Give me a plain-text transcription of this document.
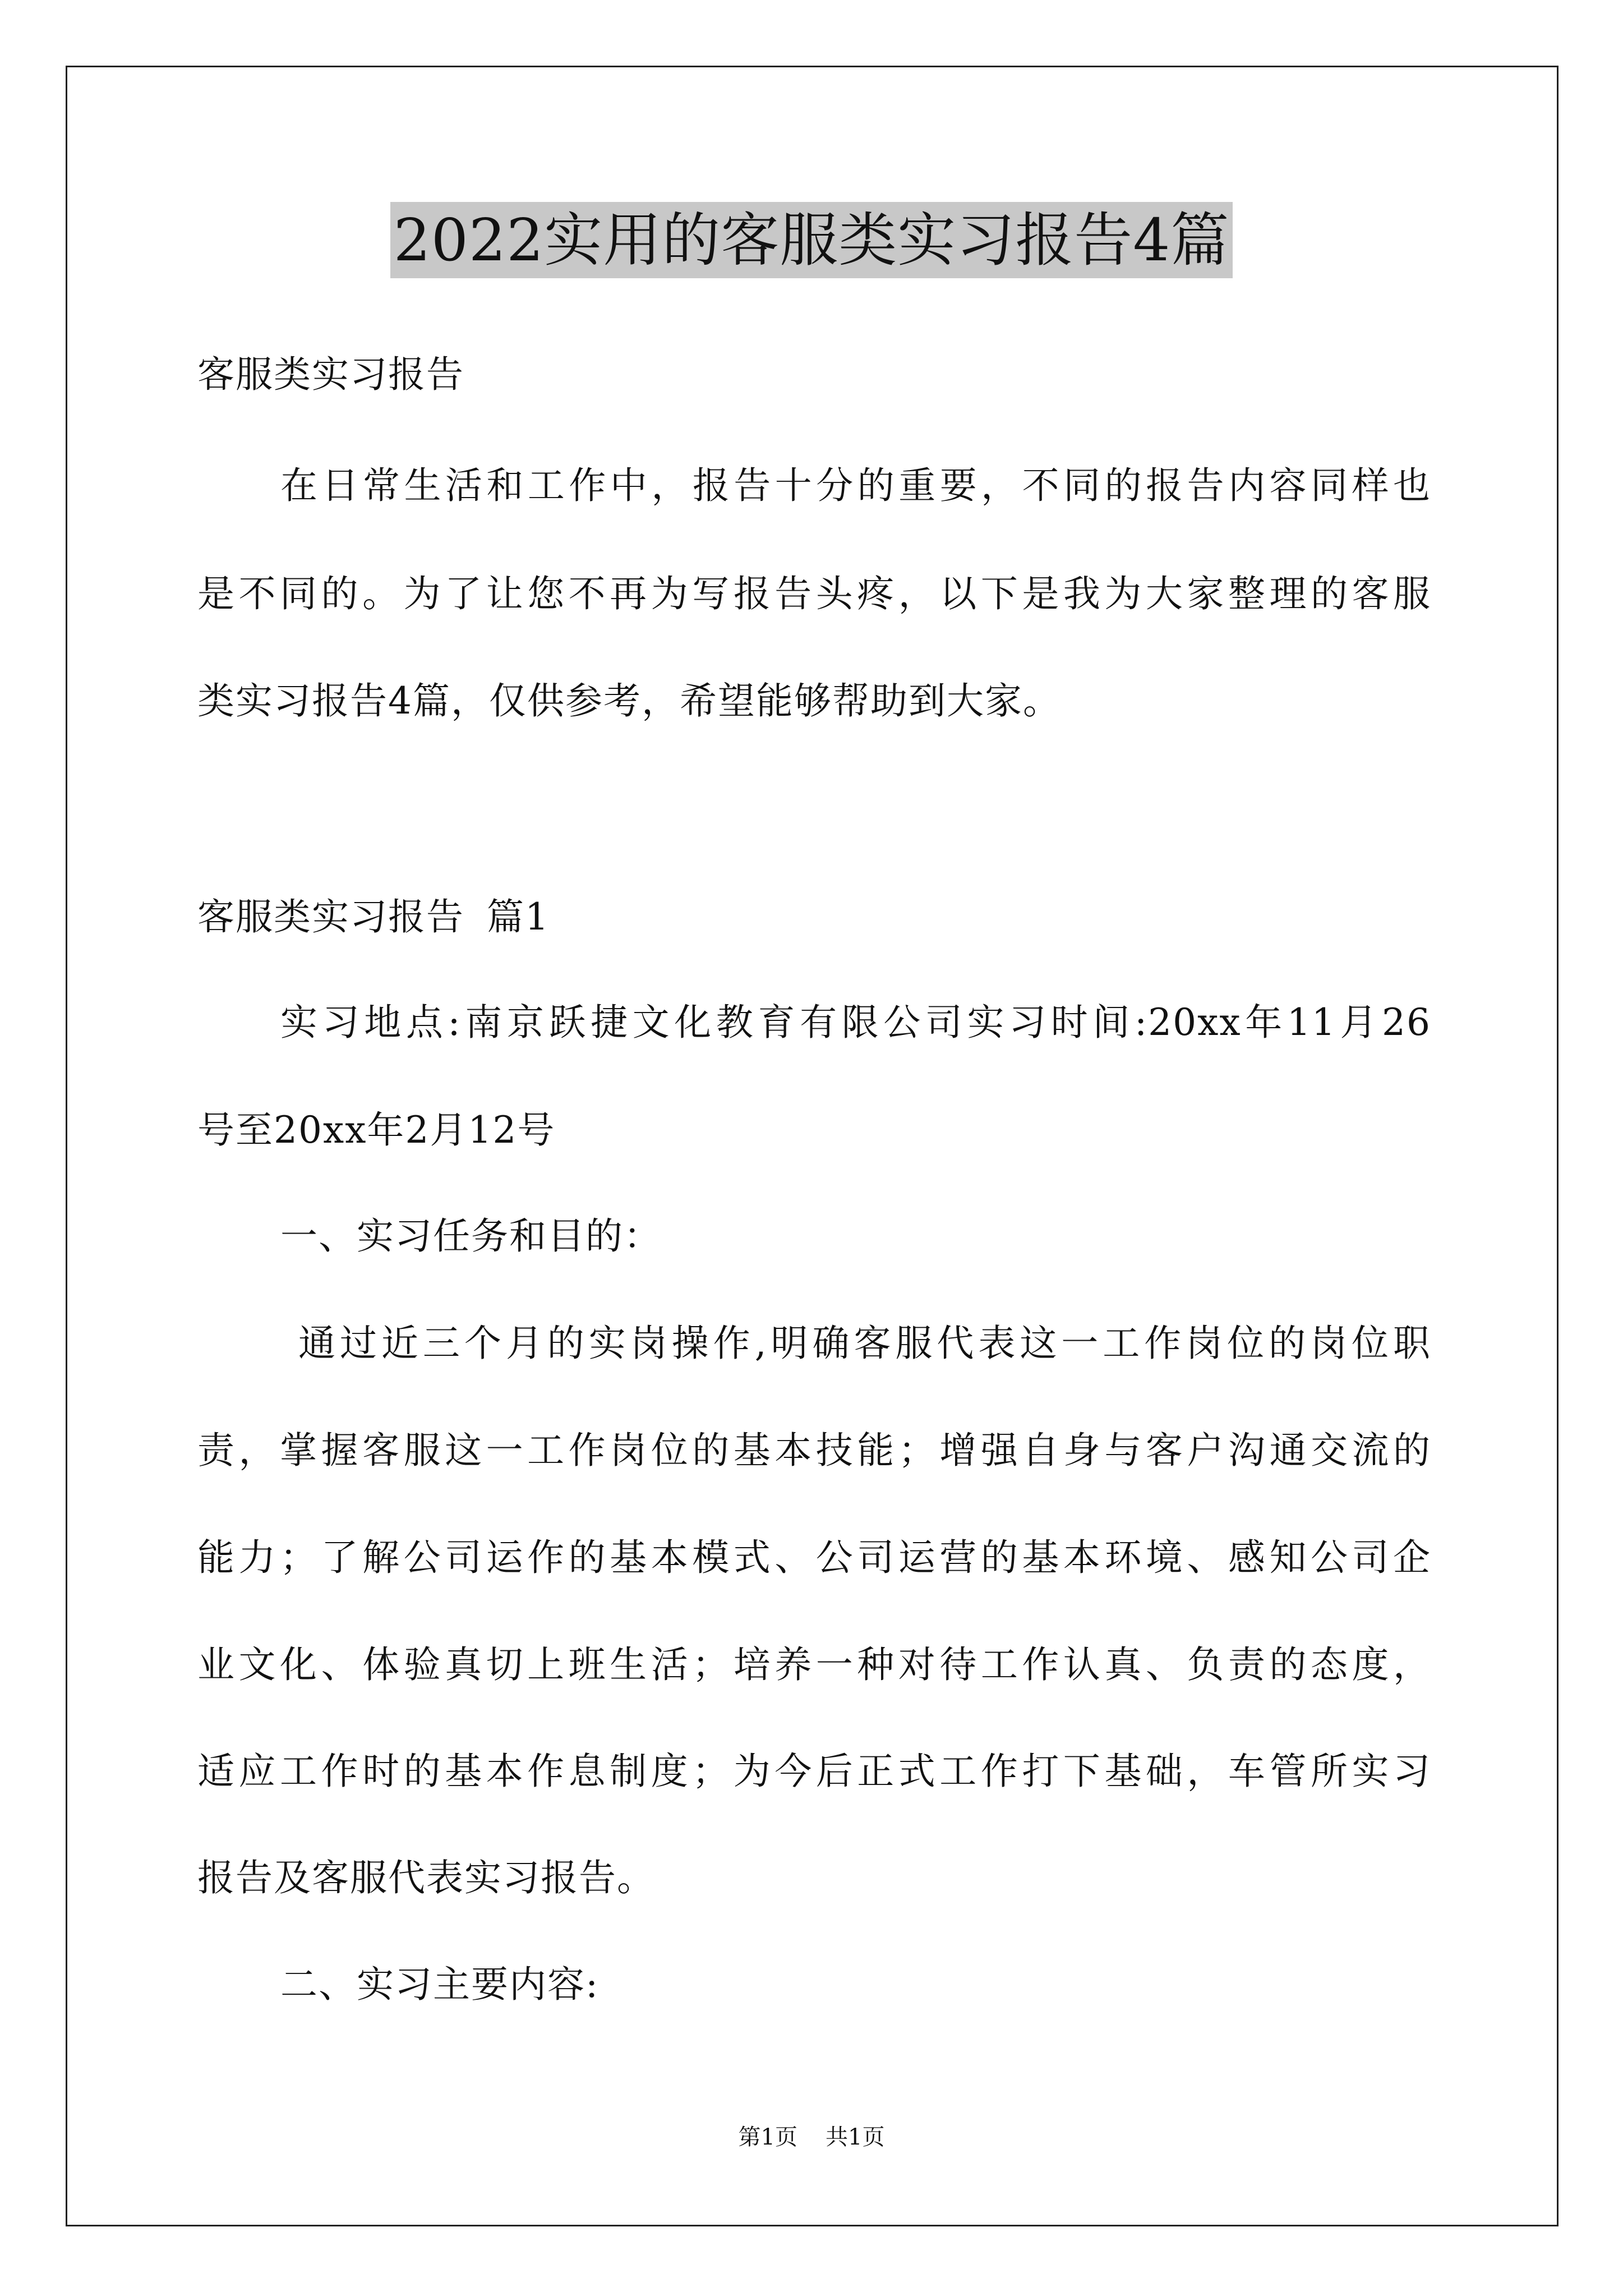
2022实用的客服类实习报告4篇
客服类实习报告
在日常生活和工作中，报告十分的重要，不同的报告内容同样也
是不同的。为了让您不再为写报告头疼，以下是我为大家整理的客服
类实习报告4篇，仅供参考，希望能够帮助到大家。
客服类实习报告 篇1
实习地点:南京跃捷文化教育有限公司实习时间:20xx年11月26
号至20xx年2月12号
一、实习任务和目的：
通过近三个月的实岗操作,明确客服代表这一工作岗位的岗位职
责，掌握客服这一工作岗位的基本技能；增强自身与客户沟通交流的
能力；了解公司运作的基本模式、公司运营的基本环境、感知公司企
业文化、体验真切上班生活；培养一种对待工作认真、负责的态度，
适应工作时的基本作息制度；为今后正式工作打下基础，车管所实习
报告及客服代表实习报告。
二、实习主要内容:
第1页 共1页
